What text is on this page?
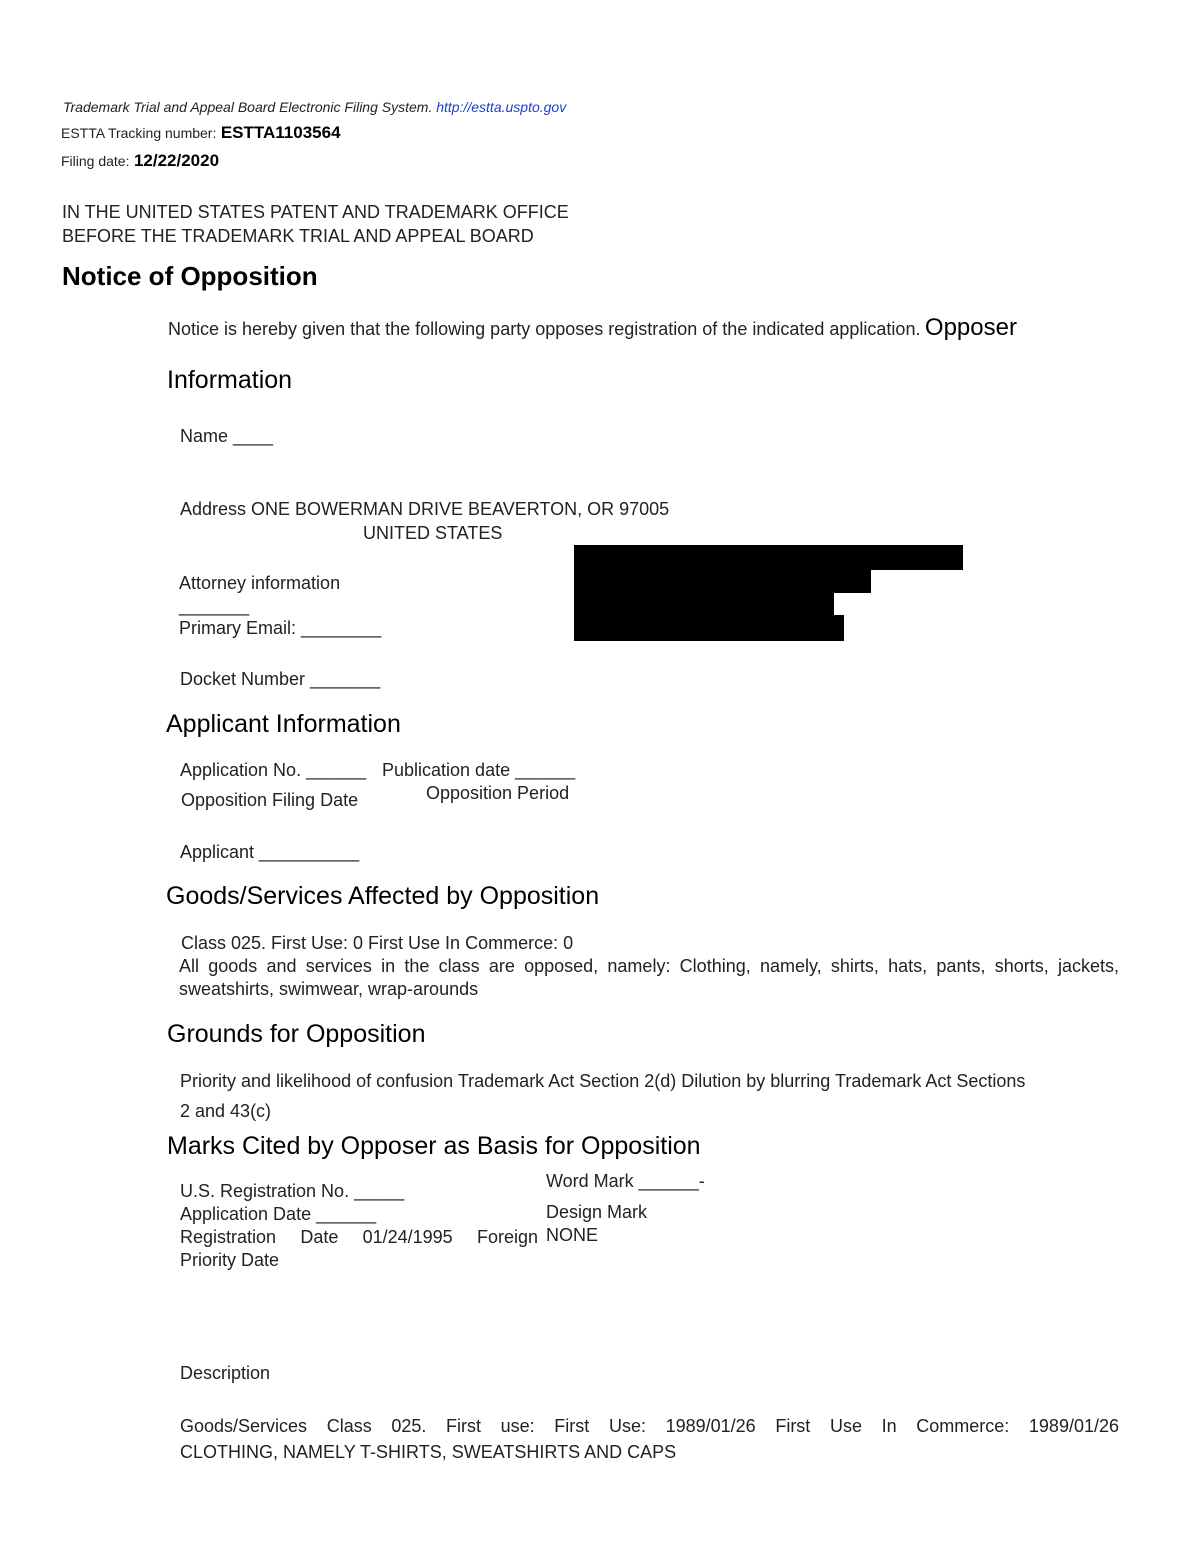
Trademark Trial and Appeal Board Electronic Filing System. http://estta.uspto.gov
ESTTA Tracking number: ESTTA1103564
Filing date: 12/22/2020
IN THE UNITED STATES PATENT AND TRADEMARK OFFICE
BEFORE THE TRADEMARK TRIAL AND APPEAL BOARD
Notice of Opposition
Notice is hereby given that the following party opposes registration of the indicated application. Opposer
Information
Name ____
Address ONE BOWERMAN DRIVE BEAVERTON, OR 97005
UNITED STATES
Attorney information
_______
Primary Email: ________
Docket Number _______
Applicant Information
Application No. ______ Publication date ______
Opposition Filing Date	Opposition Period
Applicant __________
Goods/Services Affected by Opposition
Class 025. First Use: 0 First Use In Commerce: 0
All goods and services in the class are opposed, namely: Clothing, namely, shirts, hats, pants, shorts, jackets, sweatshirts, swimwear, wrap-arounds
Grounds for Opposition
Priority and likelihood of confusion Trademark Act Section 2(d) Dilution by blurring Trademark Act Sections
2 and 43(c)
Marks Cited by Opposer as Basis for Opposition
U.S. Registration No. _____
Application Date ______
Registration Date 01/24/1995 Foreign
Priority Date
Word Mark ______-
Design Mark
NONE
Description
Goods/Services Class 025. First use: First Use: 1989/01/26 First Use In Commerce: 1989/01/26
CLOTHING, NAMELY T-SHIRTS, SWEATSHIRTS AND CAPS
